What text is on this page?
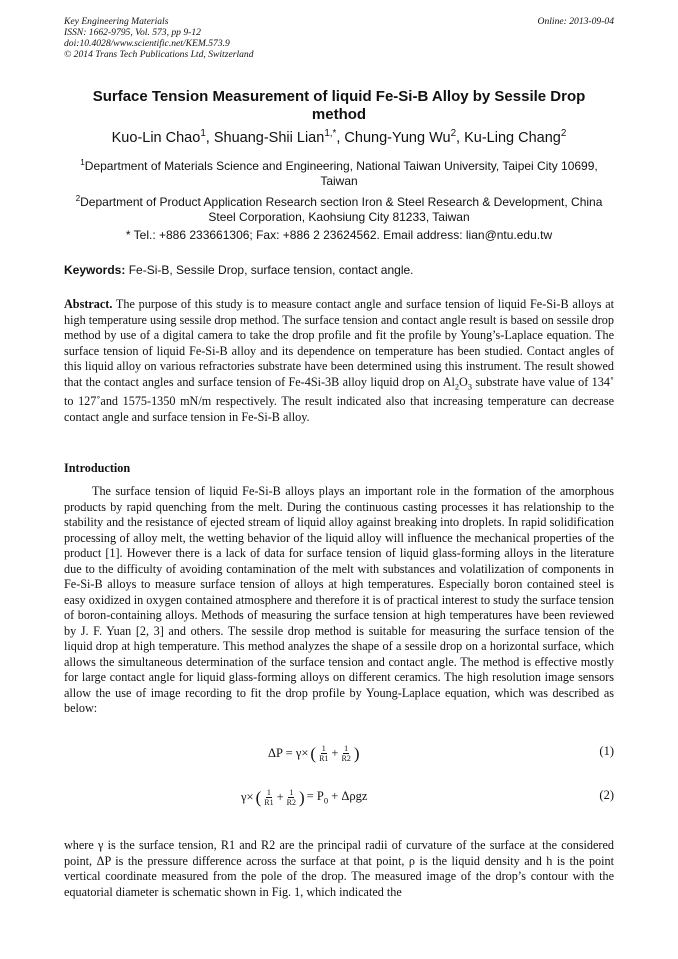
Key Engineering Materials
ISSN: 1662-9795, Vol. 573, pp 9-12
doi:10.4028/www.scientific.net/KEM.573.9
© 2014 Trans Tech Publications Ltd, Switzerland
Online: 2013-09-04
Surface Tension Measurement of liquid Fe-Si-B Alloy by Sessile Drop method
Kuo-Lin Chao$^1$, Shuang-Shii Lian$^{1,*}$, Chung-Yung Wu$^2$, Ku-Ling Chang$^2$
$^1$Department of Materials Science and Engineering, National Taiwan University, Taipei City 10699, Taiwan
$^2$Department of Product Application Research section Iron & Steel Research & Development, China Steel Corporation, Kaohsiung City 81233, Taiwan
* Tel.: +886 233661306; Fax: +886 2 23624562. Email address: lian@ntu.edu.tw
Keywords: Fe-Si-B, Sessile Drop, surface tension, contact angle.
Abstract. The purpose of this study is to measure contact angle and surface tension of liquid Fe-Si-B alloys at high temperature using sessile drop method. The surface tension and contact angle result is based on sessile drop method by use of a digital camera to take the drop profile and fit the profile by Young’s-Laplace equation. The surface tension of liquid Fe-Si-B alloy and its dependence on temperature has been studied. Contact angles of this liquid alloy on various refractories substrate have been determined using this instrument. The result showed that the contact angles and surface tension of Fe-4Si-3B alloy liquid drop on $Al_2O_3$ substrate have value of 134˚ to 127˚and 1575-1350 mN/m respectively. The result indicated also that increasing temperature can decrease contact angle and surface tension in Fe-Si-B alloy.
Introduction
The surface tension of liquid Fe-Si-B alloys plays an important role in the formation of the amorphous products by rapid quenching from the melt. During the continuous casting processes it has relationship to the stability and the resistance of ejected stream of liquid alloy against breaking into droplets. In rapid solidification processing of alloy melt, the wetting behavior of the liquid alloy will influence the mechanical properties of the product [1]. However there is a lack of data for surface tension of liquid glass-forming alloys in the literature due to the difficulty of avoiding contamination of the melt with substances and volatilization of components in Fe-Si-B alloys to measure surface tension of alloys at high temperatures. Especially boron contained steel is easy oxidized in oxygen contained atmosphere and therefore it is of practical interest to study the surface tension of boron-containing alloys. Methods of measuring the surface tension at high temperatures have been reviewed by J. F. Yuan [2, 3] and others. The sessile drop method is suitable for measuring the surface tension of the liquid drop at high temperature. This method analyzes the shape of a sessile drop on a horizontal surface, which allows the simultaneous determination of the surface tension and contact angle. The method is effective mostly for large contact angle for liquid glass-forming alloys on different ceramics. The high resolution image sensors allow the use of image recording to fit the drop profile by Young-Laplace equation, which was described as below:
ΔP = γ× ( $\frac{1}{R1} + \frac{1}{R2}$ )	(1)
γ× ( $\frac{1}{R1} + \frac{1}{R2}$ ) = $P_0 + \Delta\rho gz$	(2)
where γ is the surface tension, R1 and R2 are the principal radii of curvature of the surface at the considered point, ΔP is the pressure difference across the surface at that point, ρ is the liquid density and h is the point vertical coordinate measured from the pole of the drop. The measured image of the drop’s contour with the equatorial diameter is schematic shown in Fig. 1, which indicated the
